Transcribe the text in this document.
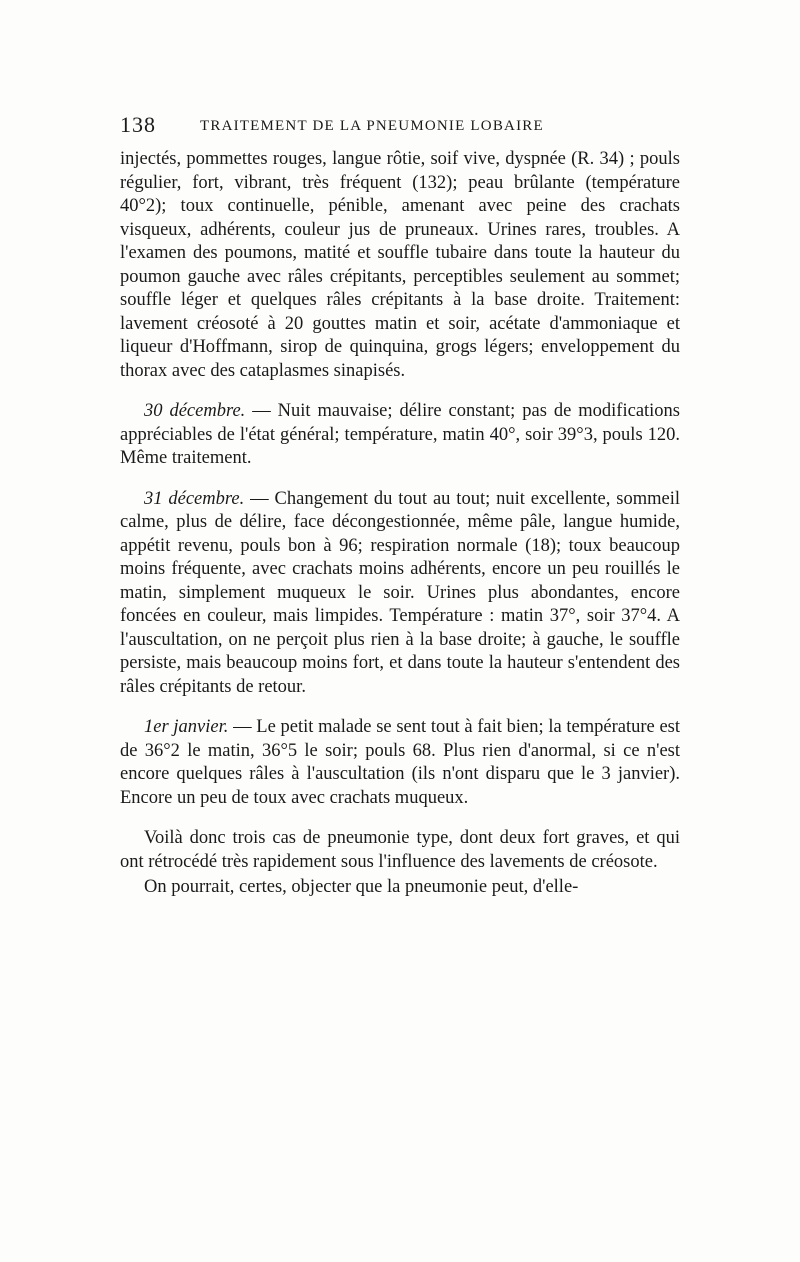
138	TRAITEMENT DE LA PNEUMONIE LOBAIRE

injectés, pommettes rouges, langue rôtie, soif vive, dyspnée (R. 34) ; pouls régulier, fort, vibrant, très fréquent (132); peau brûlante (température 40°2); toux continuelle, pénible, amenant avec peine des crachats visqueux, adhérents, couleur jus de pruneaux. Urines rares, troubles. A l'examen des poumons, matité et souffle tubaire dans toute la hauteur du poumon gauche avec râles crépitants, perceptibles seulement au sommet; souffle léger et quelques râles crépitants à la base droite. Traitement: lavement créosoté à 20 gouttes matin et soir, acétate d'ammoniaque et liqueur d'Hoffmann, sirop de quinquina, grogs légers; enveloppement du thorax avec des cataplasmes sinapisés.

30 décembre. — Nuit mauvaise; délire constant; pas de modifications appréciables de l'état général; température, matin 40°, soir 39°3, pouls 120. Même traitement.

31 décembre. — Changement du tout au tout; nuit excellente, sommeil calme, plus de délire, face décongestionnée, même pâle, langue humide, appétit revenu, pouls bon à 96; respiration normale (18); toux beaucoup moins fréquente, avec crachats moins adhérents, encore un peu rouillés le matin, simplement muqueux le soir. Urines plus abondantes, encore foncées en couleur, mais limpides. Température : matin 37°, soir 37°4. A l'auscultation, on ne perçoit plus rien à la base droite; à gauche, le souffle persiste, mais beaucoup moins fort, et dans toute la hauteur s'entendent des râles crépitants de retour.

1er janvier. — Le petit malade se sent tout à fait bien; la température est de 36°2 le matin, 36°5 le soir; pouls 68. Plus rien d'anormal, si ce n'est encore quelques râles à l'auscultation (ils n'ont disparu que le 3 janvier). Encore un peu de toux avec crachats muqueux.

Voilà donc trois cas de pneumonie type, dont deux fort graves, et qui ont rétrocédé très rapidement sous l'influence des lavements de créosote.

On pourrait, certes, objecter que la pneumonie peut, d'elle-
